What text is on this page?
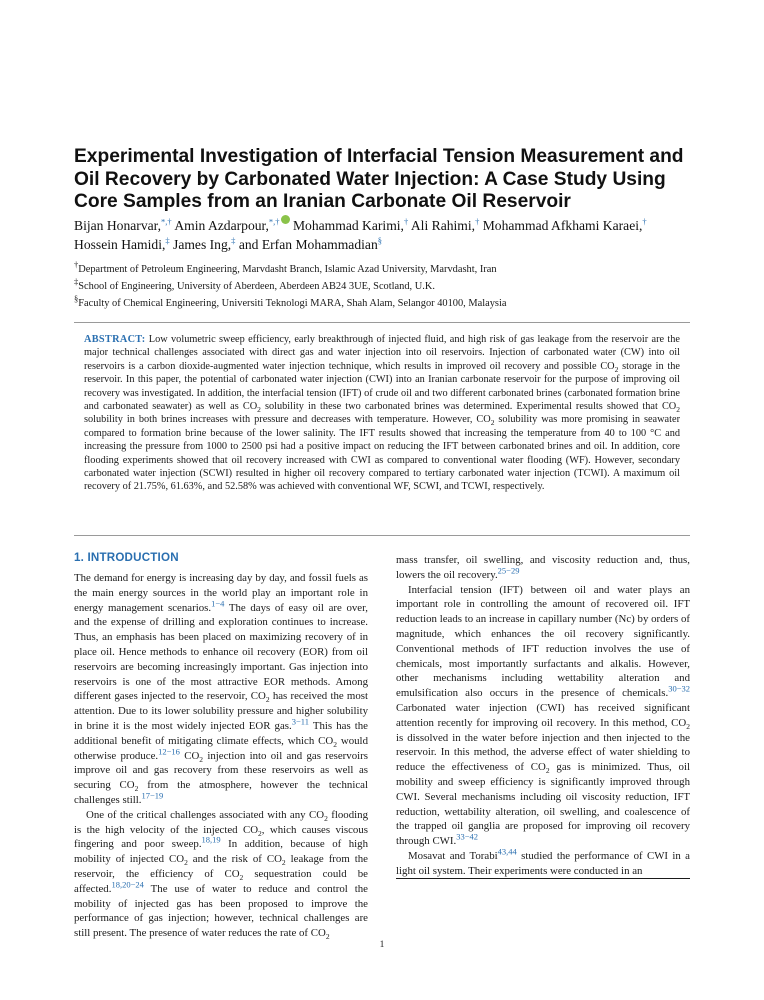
Experimental Investigation of Interfacial Tension Measurement and Oil Recovery by Carbonated Water Injection: A Case Study Using Core Samples from an Iranian Carbonate Oil Reservoir
Bijan Honarvar,*,† Amin Azdarpour,*,† Mohammad Karimi,† Ali Rahimi,† Mohammad Afkhami Karaei,†
Hossein Hamidi,‡ James Ing,‡ and Erfan Mohammadian§
†Department of Petroleum Engineering, Marvdasht Branch, Islamic Azad University, Marvdasht, Iran
‡School of Engineering, University of Aberdeen, Aberdeen AB24 3UE, Scotland, U.K.
§Faculty of Chemical Engineering, Universiti Teknologi MARA, Shah Alam, Selangor 40100, Malaysia

ABSTRACT: Low volumetric sweep efficiency, early breakthrough of injected fluid, and high risk of gas leakage from the reservoir are the major technical challenges associated with direct gas and water injection into oil reservoirs. Injection of carbonated water (CW) into oil reservoirs is a carbon dioxide-augmented water injection technique, which results in improved oil recovery and possible $CO_2$ storage in the reservoir. In this paper, the potential of carbonated water injection (CWI) into an Iranian carbonate reservoir for the purpose of improving oil recovery was investigated. In addition, the interfacial tension (IFT) of crude oil and two different carbonated brines (carbonated formation brine and carbonated seawater) as well as $CO_2$ solubility in these two carbonated brines was determined. Experimental results showed that $CO_2$ solubility in both brines increases with pressure and decreases with temperature. However, $CO_2$ solubility was more promising in seawater compared to formation brine because of the lower salinity. The IFT results showed that increasing the temperature from 40 to 100 °C and increasing the pressure from 1000 to 2500 psi had a positive impact on reducing the IFT between carbonated brines and oil. In addition, core flooding experiments showed that oil recovery increased with CWI as compared to conventional water flooding (WF). However, secondary carbonated water injection (SCWI) resulted in higher oil recovery compared to tertiary carbonated water injection (TCWI). A maximum oil recovery of 21.75%, 61.63%, and 52.58% was achieved with conventional WF, SCWI, and TCWI, respectively.

1. INTRODUCTION

The demand for energy is increasing day by day, and fossil fuels as the main energy sources in the world play an important role in energy management scenarios.$^{1-4}$ The days of easy oil are over, and the expense of drilling and exploration continues to increase. Thus, an emphasis has been placed on maximizing recovery of in place oil. Hence methods to enhance oil recovery (EOR) from oil reservoirs are becoming increasingly important. Gas injection into reservoirs is one of the most attractive EOR methods. Among different gases injected to the reservoir, $CO_2$ has received the most attention. Due to its lower solubility pressure and higher solubility in brine it is the most widely injected EOR gas.$^{3-11}$ This has the additional benefit of mitigating climate effects, which $CO_2$ would otherwise produce.$^{12-16}$ $CO_2$ injection into oil and gas reservoirs improve oil and gas recovery from these reservoirs as well as securing $CO_2$ from the atmosphere, however the technical challenges still.$^{17-19}$

One of the critical challenges associated with any $CO_2$ flooding is the high velocity of the injected $CO_2$, which causes viscous fingering and poor sweep.$^{18,19}$ In addition, because of high mobility of injected $CO_2$ and the risk of $CO_2$ leakage from the reservoir, the efficiency of $CO_2$ sequestration could be affected.$^{18,20-24}$ The use of water to reduce and control the mobility of injected gas has been proposed to improve the performance of gas injection; however, technical challenges are still present. The presence of water reduces the rate of $CO_2$

mass transfer, oil swelling, and viscosity reduction and, thus, lowers the oil recovery.$^{25-29}$

Interfacial tension (IFT) between oil and water plays an important role in controlling the amount of recovered oil. IFT reduction leads to an increase in capillary number (Nc) by orders of magnitude, which enhances the oil recovery significantly. Conventional methods of IFT reduction involves the use of chemicals, most importantly surfactants and alkalis. However, other mechanisms including wettability alteration and emulsification also occurs in the presence of chemicals.$^{30-32}$ Carbonated water injection (CWI) has received significant attention recently for improving oil recovery. In this method, $CO_2$ is dissolved in the water before injection and then injected to the reservoir. In this method, the adverse effect of water shielding to reduce the effectiveness of $CO_2$ gas is minimized. Thus, oil mobility and sweep efficiency is significantly improved through CWI. Several mechanisms including oil viscosity reduction, IFT reduction, wettability alteration, oil swelling, and coalescence of the trapped oil ganglia are proposed for improving oil recovery through CWI.$^{33-42}$

Mosavat and Torabi$^{43,44}$ studied the performance of CWI in a light oil system. Their experiments were conducted in an

1
